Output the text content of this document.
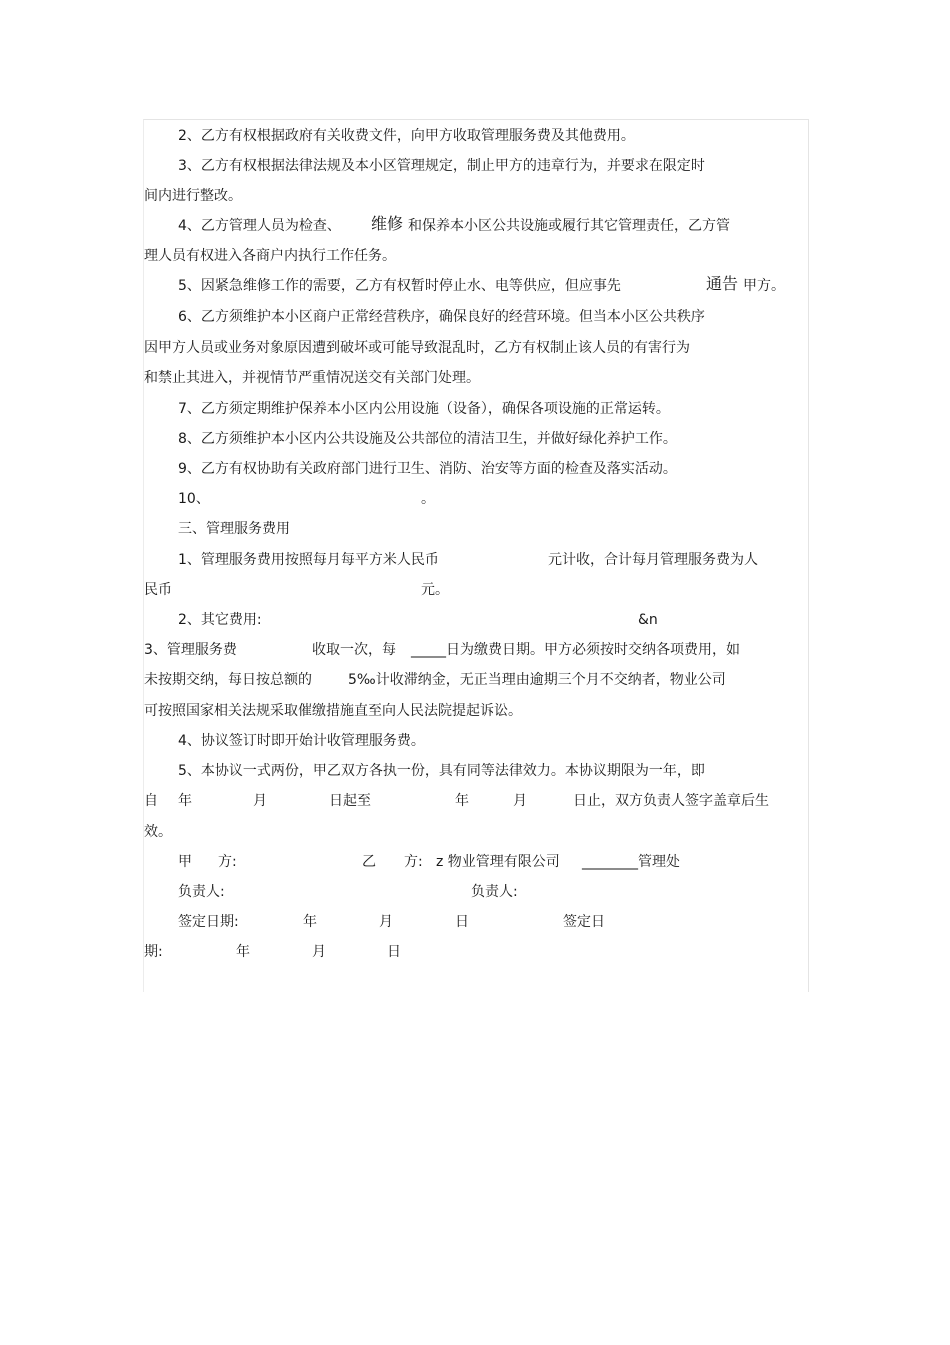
2、乙方有权根据政府有关收费文件，向甲方收取管理服务费及其他费用。
3、乙方有权根据法律法规及本小区管理规定，制止甲方的违章行为，并要求在限定时
间内进行整改。
4、乙方管理人员为检查、 维修 和保养本小区公共设施或履行其它管理责任，乙方管
理人员有权进入各商户内执行工作任务。
5、因紧急维修工作的需要，乙方有权暂时停止水、电等供应，但应事先	通告 甲方。
6、乙方须维护本小区商户正常经营秩序，确保良好的经营环境。但当本小区公共秩序
因甲方人员或业务对象原因遭到破坏或可能导致混乱时，乙方有权制止该人员的有害行为
和禁止其进入，并视情节严重情况送交有关部门处理。
7、乙方须定期维护保养本小区内公用设施（设备），确保各项设施的正常运转。
8、乙方须维护本小区内公共设施及公共部位的清洁卫生，并做好绿化养护工作。
9、乙方有权协助有关政府部门进行卫生、消防、治安等方面的检查及落实活动。
10、	。
三、管理服务费用
1、管理服务费用按照每月每平方米人民币	元计收，合计每月管理服务费为人
民币	元。
2、其它费用:	&n
3、管理服务费	收取一次，每 _____日为缴费日期。甲方必须按时交纳各项费用，如
未按期交纳，每日按总额的	5‰计收滞纳金，无正当理由逾期三个月不交纳者，物业公司
可按照国家相关法规采取催缴措施直至向人民法院提起诉讼。
4、协议签订时即开始计收管理服务费。
5、本协议一式两份，甲乙双方各执一份，具有同等法律效力。本协议期限为一年，即
自 年	月	日起至	年	月	日止，双方负责人签字盖章后生
效。
甲 方:	乙 方: z 物业管理有限公司 ________管理处
负责人:	负责人:
签定日期:	年	月	日	签定日
期:	年	月	日
